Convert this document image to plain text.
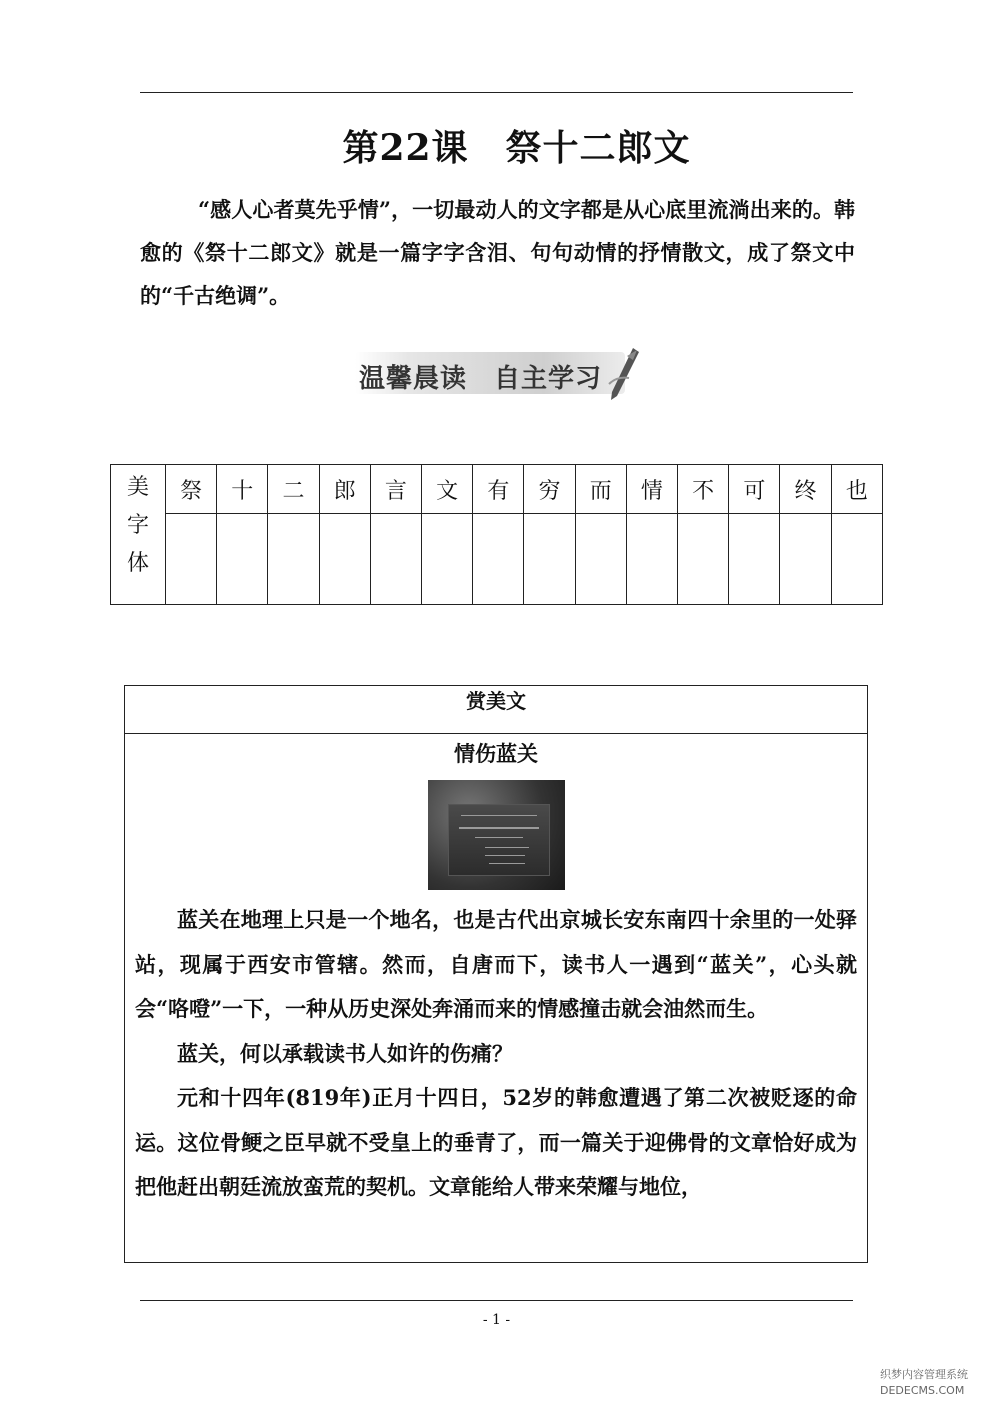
第22课　祭十二郎文
“感人心者莫先乎情”，一切最动人的文字都是从心底里流淌出来的。韩愈的《祭十二郎文》就是一篇字字含泪、句句动情的抒情散文，成了祭文中的“千古绝调”。
温馨晨读　自主学习
美
字
体	祭	十	二	郎	言	文	有	穷	而	情	不	可	终	也

赏美文
情伤蓝关

蓝关在地理上只是一个地名，也是古代出京城长安东南四十余里的一处驿站，现属于西安市管辖。然而，自唐而下，读书人一遇到“蓝关”，心头就会“咯噔”一下，一种从历史深处奔涌而来的情感撞击就会油然而生。

蓝关，何以承载读书人如许的伤痛？

元和十四年(819年)正月十四日，52岁的韩愈遭遇了第二次被贬逐的命运。这位骨鲠之臣早就不受皇上的垂青了，而一篇关于迎佛骨的文章恰好成为把他赶出朝廷流放蛮荒的契机。文章能给人带来荣耀与地位，

- 1 -
织梦内容管理系统
DEDECMS.COM
